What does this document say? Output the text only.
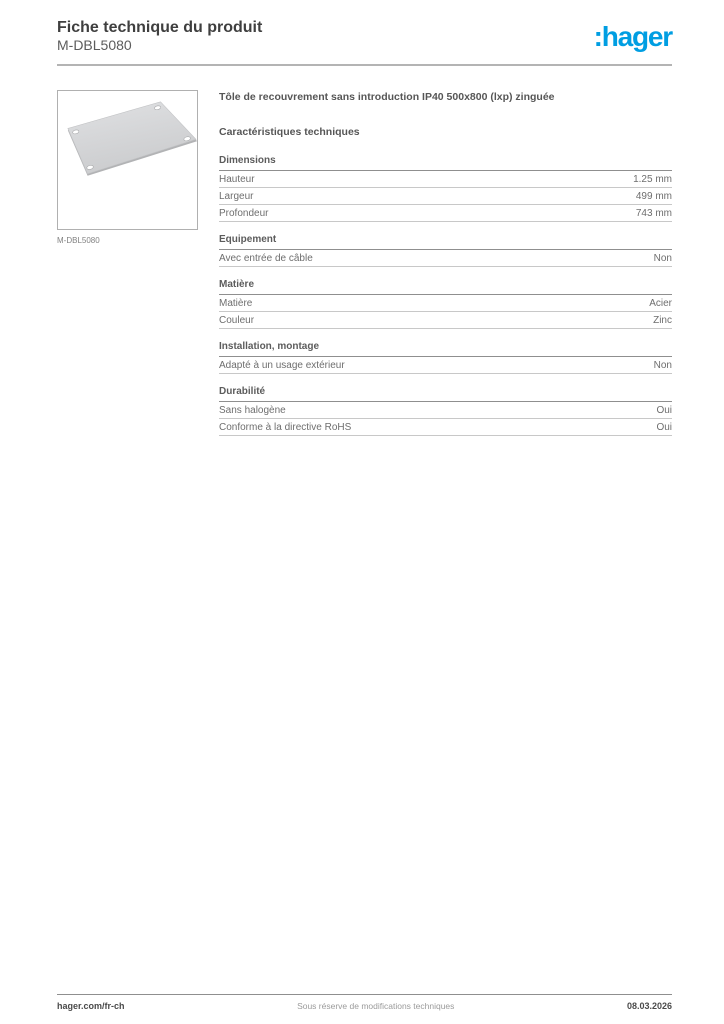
Fiche technique du produit
M-DBL5080	:hager
M-DBL5080
Tôle de recouvrement sans introduction IP40 500x800 (lxp) zinguée
Caractéristiques techniques
Dimensions
Hauteur	1.25 mm
Largeur	499 mm
Profondeur	743 mm
Equipement
Avec entrée de câble	Non
Matière
Matière	Acier
Couleur	Zinc
Installation, montage
Adapté à un usage extérieur	Non
Durabilité
Sans halogène	Oui
Conforme à la directive RoHS	Oui
hager.com/fr-ch	Sous réserve de modifications techniques	08.03.2026
